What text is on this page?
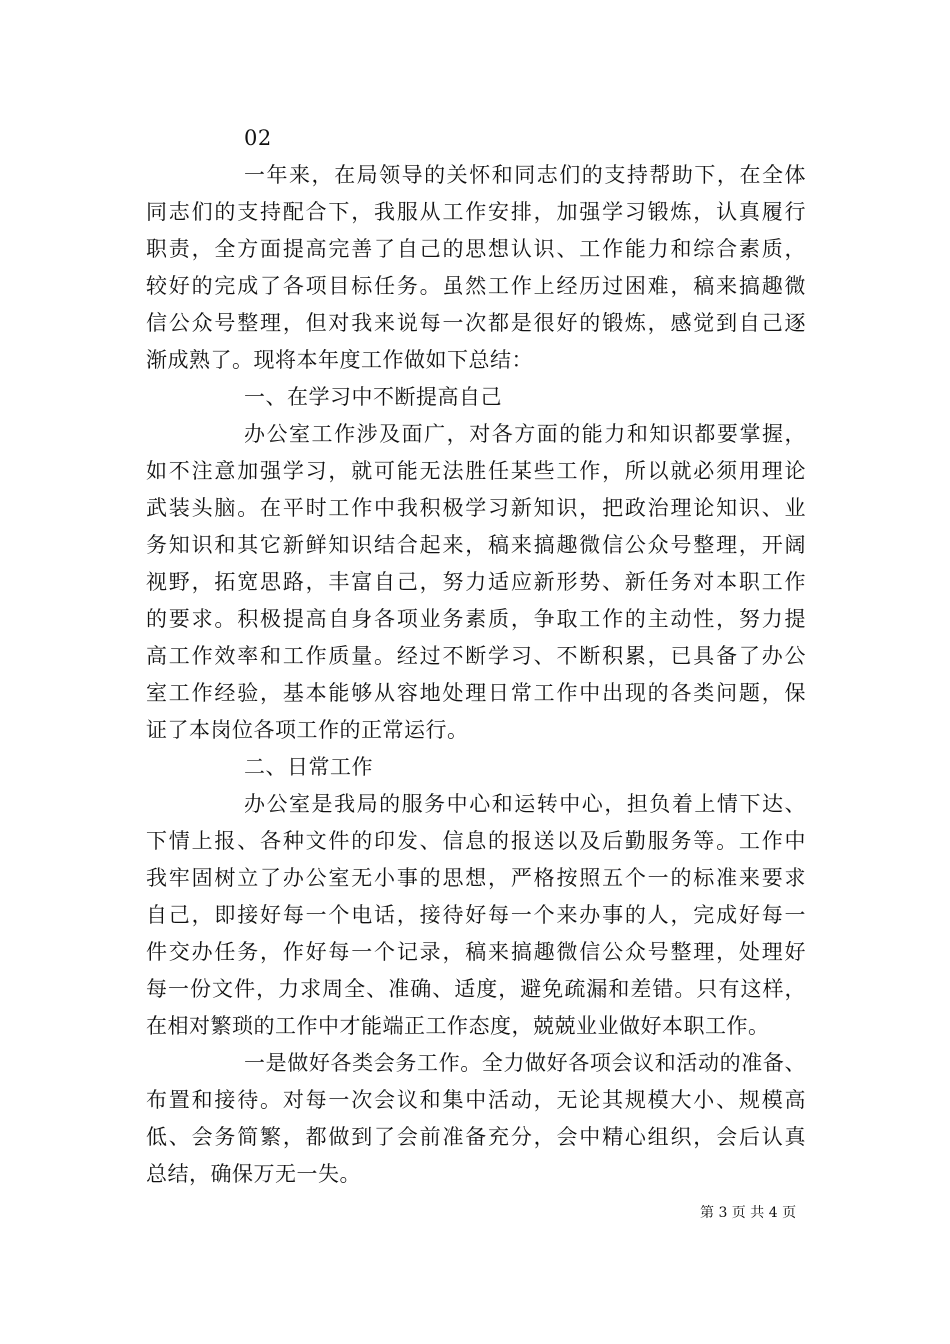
02
一年来，在局领导的关怀和同志们的支持帮助下，在全体
同志们的支持配合下，我服从工作安排，加强学习锻炼，认真履行
职责，全方面提高完善了自己的思想认识、工作能力和综合素质，
较好的完成了各项目标任务。虽然工作上经历过困难，稿来搞趣微
信公众号整理，但对我来说每一次都是很好的锻炼，感觉到自己逐
渐成熟了。现将本年度工作做如下总结：
一、在学习中不断提高自己
办公室工作涉及面广，对各方面的能力和知识都要掌握，
如不注意加强学习，就可能无法胜任某些工作，所以就必须用理论
武装头脑。在平时工作中我积极学习新知识，把政治理论知识、业
务知识和其它新鲜知识结合起来，稿来搞趣微信公众号整理，开阔
视野，拓宽思路，丰富自己，努力适应新形势、新任务对本职工作
的要求。积极提高自身各项业务素质，争取工作的主动性，努力提
高工作效率和工作质量。经过不断学习、不断积累，已具备了办公
室工作经验，基本能够从容地处理日常工作中出现的各类问题，保
证了本岗位各项工作的正常运行。
二、日常工作
办公室是我局的服务中心和运转中心，担负着上情下达、
下情上报、各种文件的印发、信息的报送以及后勤服务等。工作中
我牢固树立了办公室无小事的思想，严格按照五个一的标准来要求
自己，即接好每一个电话，接待好每一个来办事的人，完成好每一
件交办任务，作好每一个记录，稿来搞趣微信公众号整理，处理好
每一份文件，力求周全、准确、适度，避免疏漏和差错。只有这样，
在相对繁琐的工作中才能端正工作态度，兢兢业业做好本职工作。
一是做好各类会务工作。全力做好各项会议和活动的准备、
布置和接待。对每一次会议和集中活动，无论其规模大小、规模高
低、会务简繁，都做到了会前准备充分，会中精心组织，会后认真
总结，确保万无一失。
第 3 页 共 4 页
